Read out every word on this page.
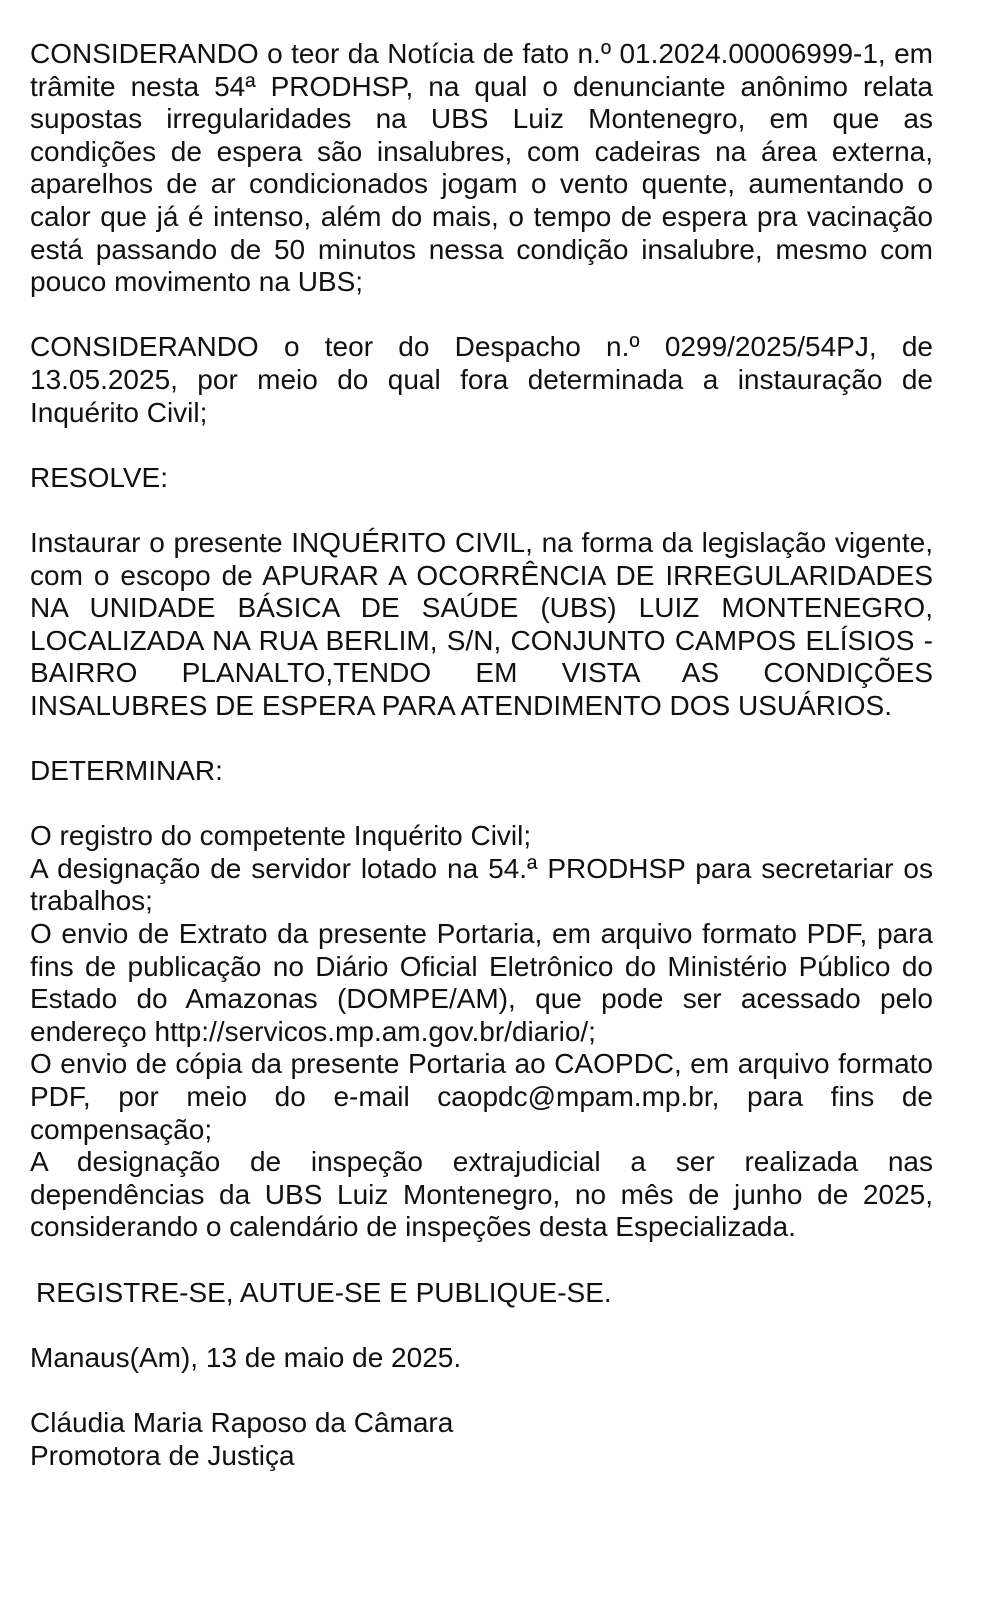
CONSIDERANDO o teor da Notícia de fato n.º 01.2024.00006999-1, em trâmite nesta 54ª PRODHSP, na qual o denunciante anônimo relata supostas irregularidades na UBS Luiz Montenegro, em que as condições de espera são insalubres, com cadeiras na área externa, aparelhos de ar condicionados jogam o vento quente, aumentando o calor que já é intenso, além do mais, o tempo de espera pra vacinação está passando de 50 minutos nessa condição insalubre, mesmo com pouco movimento na UBS;

CONSIDERANDO o teor do Despacho n.º 0299/2025/54PJ, de 13.05.2025, por meio do qual fora determinada a instauração de Inquérito Civil;

RESOLVE:

Instaurar o presente INQUÉRITO CIVIL, na forma da legislação vigente, com o escopo de APURAR A OCORRÊNCIA DE IRREGULARIDADES NA UNIDADE BÁSICA DE SAÚDE (UBS) LUIZ MONTENEGRO, LOCALIZADA NA RUA BERLIM, S/N, CONJUNTO CAMPOS ELÍSIOS - BAIRRO PLANALTO,TENDO EM VISTA AS CONDIÇÕES INSALUBRES DE ESPERA PARA ATENDIMENTO DOS USUÁRIOS.

DETERMINAR:

O registro do competente Inquérito Civil;

A designação de servidor lotado na 54.ª PRODHSP para secretariar os trabalhos;

O envio de Extrato da presente Portaria, em arquivo formato PDF, para fins de publicação no Diário Oficial Eletrônico do Ministério Público do Estado do Amazonas (DOMPE/AM), que pode ser acessado pelo endereço http://servicos.mp.am.gov.br/diario/;

O envio de cópia da presente Portaria ao CAOPDC, em arquivo formato PDF, por meio do e-mail caopdc@mpam.mp.br, para fins de compensação;

A designação de inspeção extrajudicial a ser realizada nas dependências da UBS Luiz Montenegro, no mês de junho de 2025, considerando o calendário de inspeções desta Especializada.

REGISTRE-SE, AUTUE-SE E PUBLIQUE-SE.

Manaus(Am), 13 de maio de 2025.

Cláudia Maria Raposo da Câmara

Promotora de Justiça
